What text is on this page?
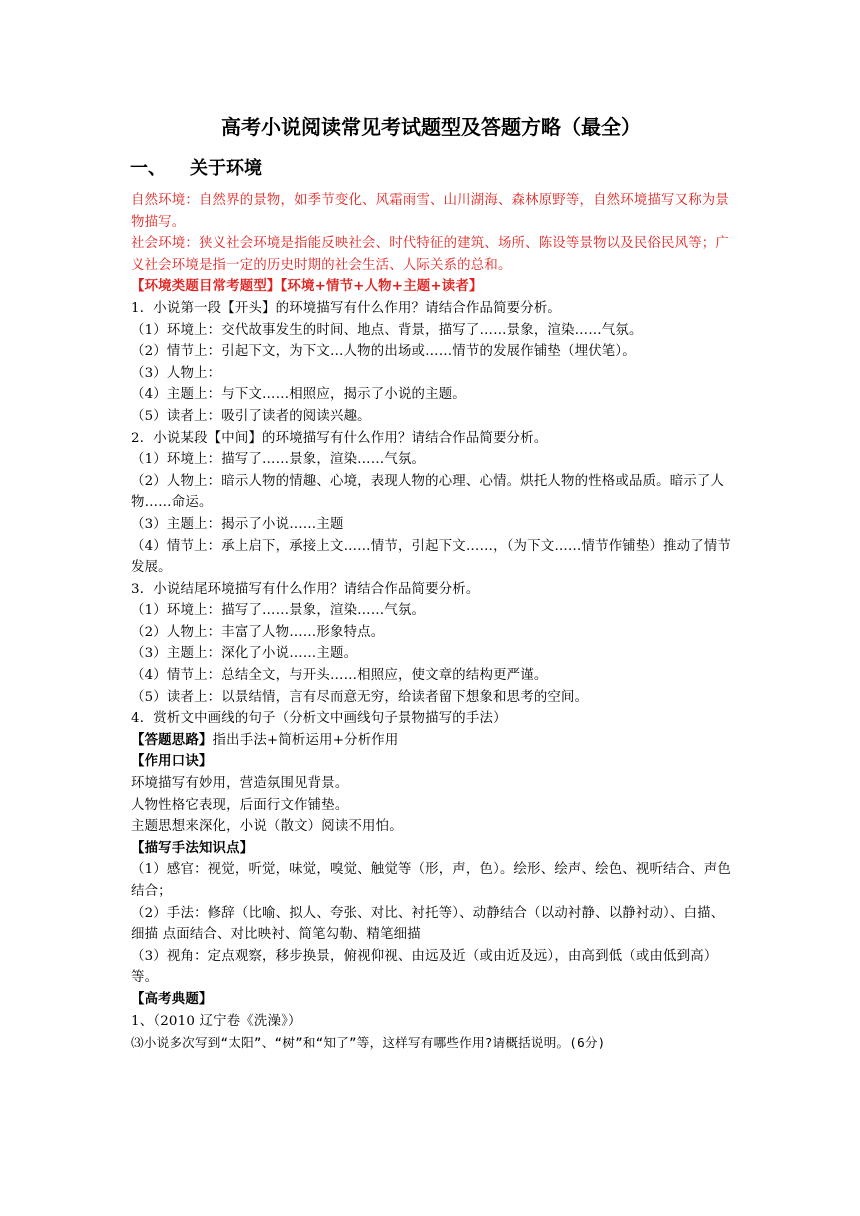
高考小说阅读常见考试题型及答题方略（最全）
一、	关于环境

自然环境：自然界的景物，如季节变化、风霜雨雪、山川湖海、森林原野等，自然环境描写又称为景物描写。

社会环境：狭义社会环境是指能反映社会、时代特征的建筑、场所、陈设等景物以及民俗民风等；广义社会环境是指一定的历史时期的社会生活、人际关系的总和。

【环境类题目常考题型】【环境+情节+人物+主题+读者】

1．小说第一段【开头】的环境描写有什么作用？请结合作品简要分析。

（1）环境上：交代故事发生的时间、地点、背景，描写了……景象，渲染……气氛。

（2）情节上：引起下文，为下文…人物的出场或……情节的发展作铺垫（埋伏笔）。

（3）人物上：

（4）主题上：与下文……相照应，揭示了小说的主题。

（5）读者上：吸引了读者的阅读兴趣。

2．小说某段【中间】的环境描写有什么作用？请结合作品简要分析。

（1）环境上：描写了……景象，渲染……气氛。

（2）人物上：暗示人物的情趣、心境，表现人物的心理、心情。烘托人物的性格或品质。暗示了人物……命运。

（3）主题上：揭示了小说……主题

（4）情节上：承上启下，承接上文……情节，引起下文……，（为下文……情节作铺垫）推动了情节发展。

3．小说结尾环境描写有什么作用？请结合作品简要分析。

（1）环境上：描写了……景象，渲染……气氛。

（2）人物上：丰富了人物……形象特点。

（3）主题上：深化了小说……主题。

（4）情节上：总结全文，与开头……相照应，使文章的结构更严谨。

（5）读者上：以景结情，言有尽而意无穷，给读者留下想象和思考的空间。

4．赏析文中画线的句子（分析文中画线句子景物描写的手法）

【答题思路】指出手法+简析运用+分析作用

【作用口诀】

环境描写有妙用，营造氛围见背景。

人物性格它表现，后面行文作铺垫。

主题思想来深化，小说（散文）阅读不用怕。

【描写手法知识点】

（1）感官：视觉，听觉，味觉，嗅觉、触觉等（形，声，色）。绘形、绘声、绘色、视听结合、声色结合；

（2）手法：修辞（比喻、拟人、夸张、对比、衬托等）、动静结合（以动衬静、以静衬动）、白描、细描 点面结合、对比映衬、简笔勾勒、精笔细描

（3）视角：定点观察，移步换景，俯视仰视、由远及近（或由近及远），由高到低（或由低到高）等。

【高考典题】

1、（2010 辽宁卷《洗澡》）

⑶小说多次写到“太阳”、“树”和“知了”等，这样写有哪些作用?请概括说明。(6分)
